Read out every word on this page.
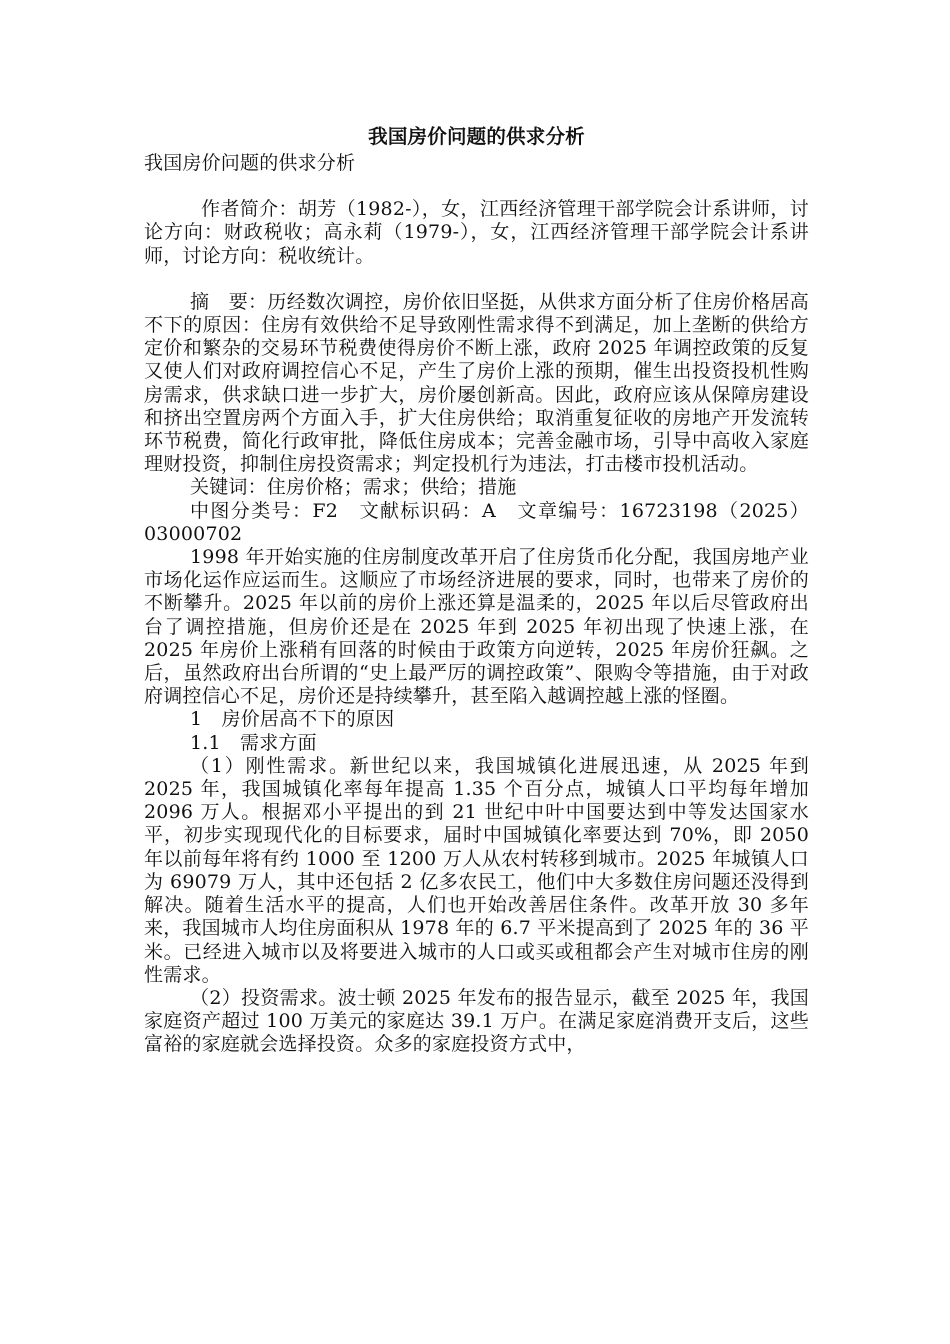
我国房价问题的供求分析

我国房价问题的供求分析

作者简介：胡芳（1982-），女，江西经济管理干部学院会计系讲师，讨论方向：财政税收；高永莉（1979-），女，江西经济管理干部学院会计系讲师，讨论方向：税收统计。

摘　要：历经数次调控，房价依旧坚挺，从供求方面分析了住房价格居高不下的原因：住房有效供给不足导致刚性需求得不到满足，加上垄断的供给方定价和繁杂的交易环节税费使得房价不断上涨，政府 2025 年调控政策的反复又使人们对政府调控信心不足，产生了房价上涨的预期，催生出投资投机性购房需求，供求缺口进一步扩大，房价屡创新高。因此，政府应该从保障房建设和挤出空置房两个方面入手，扩大住房供给；取消重复征收的房地产开发流转环节税费，简化行政审批，降低住房成本；完善金融市场，引导中高收入家庭理财投资，抑制住房投资需求；判定投机行为违法，打击楼市投机活动。

关键词：住房价格；需求；供给；措施

中图分类号：F2　文献标识码：A　文章编号：16723198（2025）03000702

1998 年开始实施的住房制度改革开启了住房货币化分配，我国房地产业市场化运作应运而生。这顺应了市场经济进展的要求，同时，也带来了房价的不断攀升。2025 年以前的房价上涨还算是温柔的，2025 年以后尽管政府出台了调控措施，但房价还是在 2025 年到 2025 年初出现了快速上涨，在 2025 年房价上涨稍有回落的时候由于政策方向逆转，2025 年房价狂飙。之后，虽然政府出台所谓的“史上最严厉的调控政策”、限购令等措施，由于对政府调控信心不足，房价还是持续攀升，甚至陷入越调控越上涨的怪圈。

1　房价居高不下的原因

1.1　需求方面

（1）刚性需求。新世纪以来，我国城镇化进展迅速，从 2025 年到 2025 年，我国城镇化率每年提高 1.35 个百分点，城镇人口平均每年增加 2096 万人。根据邓小平提出的到 21 世纪中叶中国要达到中等发达国家水平，初步实现现代化的目标要求，届时中国城镇化率要达到 70%，即 2050 年以前每年将有约 1000 至 1200 万人从农村转移到城市。2025 年城镇人口为 69079 万人，其中还包括 2 亿多农民工，他们中大多数住房问题还没得到解决。随着生活水平的提高，人们也开始改善居住条件。改革开放 30 多年来，我国城市人均住房面积从 1978 年的 6.7 平米提高到了 2025 年的 36 平米。已经进入城市以及将要进入城市的人口或买或租都会产生对城市住房的刚性需求。

（2）投资需求。波士顿 2025 年发布的报告显示，截至 2025 年，我国家庭资产超过 100 万美元的家庭达 39.1 万户。在满足家庭消费开支后，这些富裕的家庭就会选择投资。众多的家庭投资方式中，
